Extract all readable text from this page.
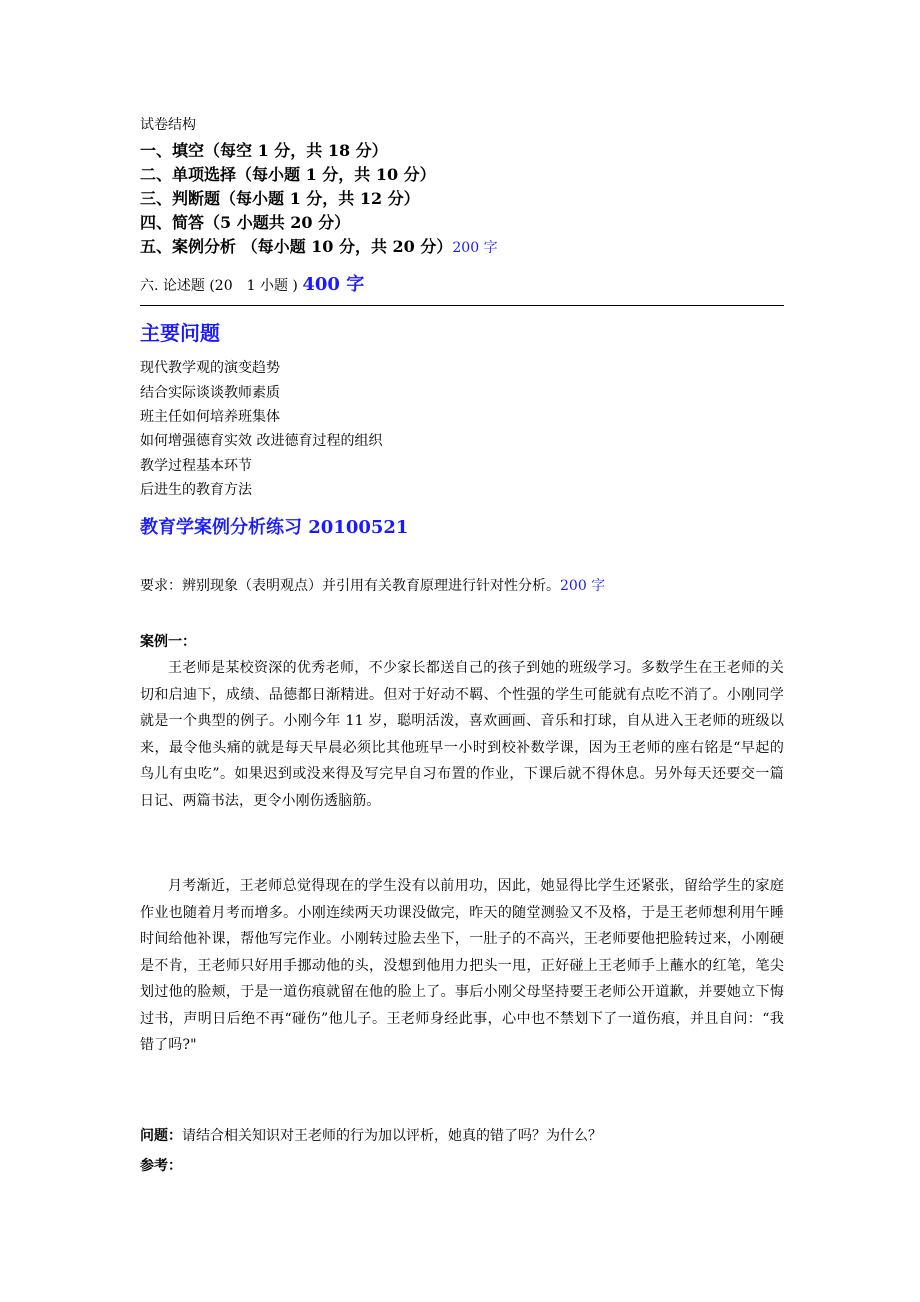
试卷结构
一、填空（每空 1 分，共 18 分）
二、单项选择（每小题 1 分，共 10 分）
三、判断题（每小题 1 分，共 12 分）
四、简答（5 小题共 20 分）
五、案例分析 （每小题 10 分，共 20 分）200 字
六. 论述题 (20　1 小题 ) 400 字
主要问题
现代教学观的演变趋势
结合实际谈谈教师素质
班主任如何培养班集体
如何增强德育实效 改进德育过程的组织
教学过程基本环节
后进生的教育方法
教育学案例分析练习 20100521
要求：辨别现象（表明观点）并引用有关教育原理进行针对性分析。200 字
案例一：
王老师是某校资深的优秀老师，不少家长都送自己的孩子到她的班级学习。多数学生在王老师的关切和启迪下，成绩、品德都日渐精进。但对于好动不羁、个性强的学生可能就有点吃不消了。小刚同学就是一个典型的例子。小刚今年 11 岁，聪明活泼，喜欢画画、音乐和打球，自从进入王老师的班级以来，最令他头痛的就是每天早晨必须比其他班早一小时到校补数学课，因为王老师的座右铭是“早起的鸟儿有虫吃”。如果迟到或没来得及写完早自习布置的作业，下课后就不得休息。另外每天还要交一篇日记、两篇书法，更令小刚伤透脑筋。
月考渐近，王老师总觉得现在的学生没有以前用功，因此，她显得比学生还紧张，留给学生的家庭作业也随着月考而增多。小刚连续两天功课没做完，昨天的随堂测验又不及格，于是王老师想利用午睡时间给他补课，帮他写完作业。小刚转过脸去坐下，一肚子的不高兴，王老师要他把脸转过来，小刚硬是不肯，王老师只好用手挪动他的头，没想到他用力把头一甩，正好碰上王老师手上蘸水的红笔，笔尖划过他的脸颊，于是一道伤痕就留在他的脸上了。事后小刚父母坚持要王老师公开道歉，并要她立下悔过书，声明日后绝不再“碰伤”他儿子。王老师身经此事，心中也不禁划下了一道伤痕，并且自问：“我错了吗?"
问题：请结合相关知识对王老师的行为加以评析，她真的错了吗？为什么？
参考：
